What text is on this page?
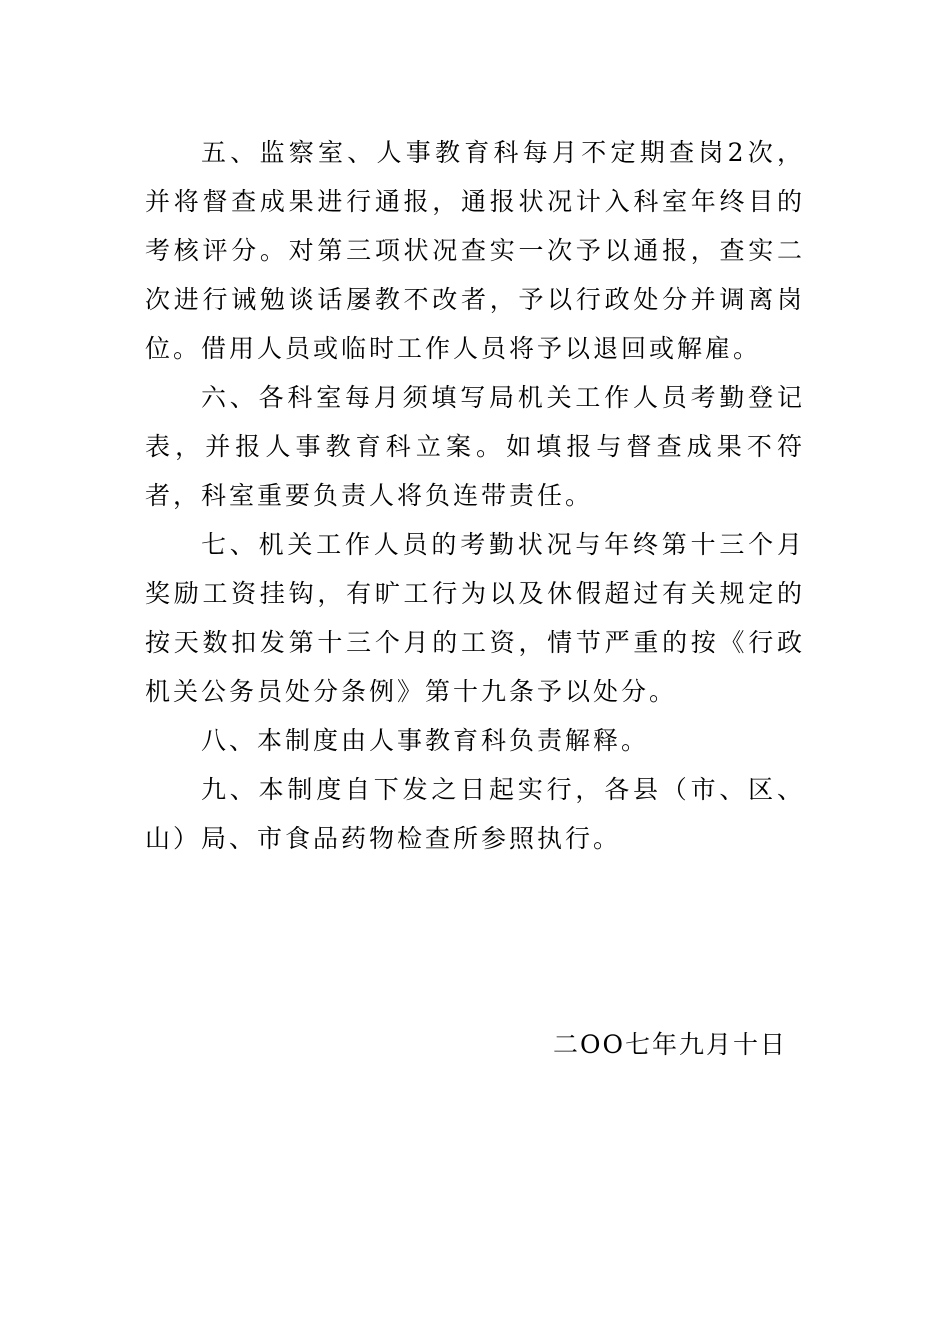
五、监察室、人事教育科每月不定期查岗2次，并将督查成果进行通报，通报状况计入科室年终目的考核评分。对第三项状况查实一次予以通报，查实二次进行诫勉谈话屡教不改者，予以行政处分并调离岗位。借用人员或临时工作人员将予以退回或解雇。

六、各科室每月须填写局机关工作人员考勤登记表，并报人事教育科立案。如填报与督查成果不符者，科室重要负责人将负连带责任。

七、机关工作人员的考勤状况与年终第十三个月奖励工资挂钩，有旷工行为以及休假超过有关规定的按天数扣发第十三个月的工资，情节严重的按《行政机关公务员处分条例》第十九条予以处分。

八、本制度由人事教育科负责解释。

九、本制度自下发之日起实行，各县（市、区、山）局、市食品药物检查所参照执行。

二OO七年九月十日
